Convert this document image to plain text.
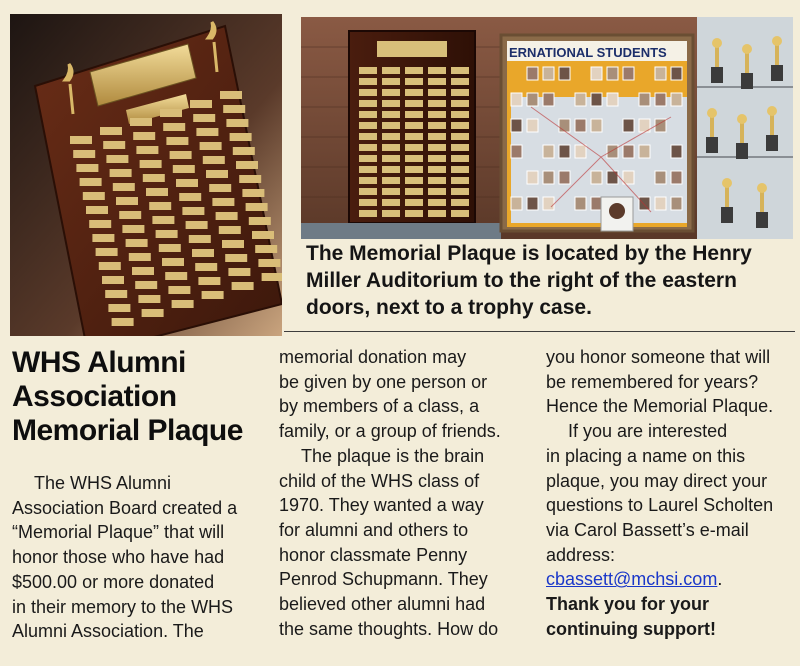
ERNATIONAL STUDENTS
The Memorial Plaque is located by the Henry Miller Auditorium to the right of the eastern doors, next to a trophy case.
WHS Alumni Association Memorial Plaque

The WHS Alumni

Association Board created a

“Memorial Plaque” that will

honor those who have had

$500.00 or more donated

in their memory to the WHS

Alumni Association. The

memorial donation may

be given by one person or

by members of a class, a

family, or a group of friends.

The plaque is the brain

child of the WHS class of

1970. They wanted a way

for alumni and others to

honor classmate Penny

Penrod Schupmann. They

believed other alumni had

the same thoughts. How do

you honor someone that will

be remembered for years?

Hence the Memorial Plaque.

If you are interested

in placing a name on this

plaque, you may direct your

questions to Laurel Scholten

via Carol Bassett’s e-mail

address:

cbassett@mchsi.com.

Thank you for your

continuing support!
